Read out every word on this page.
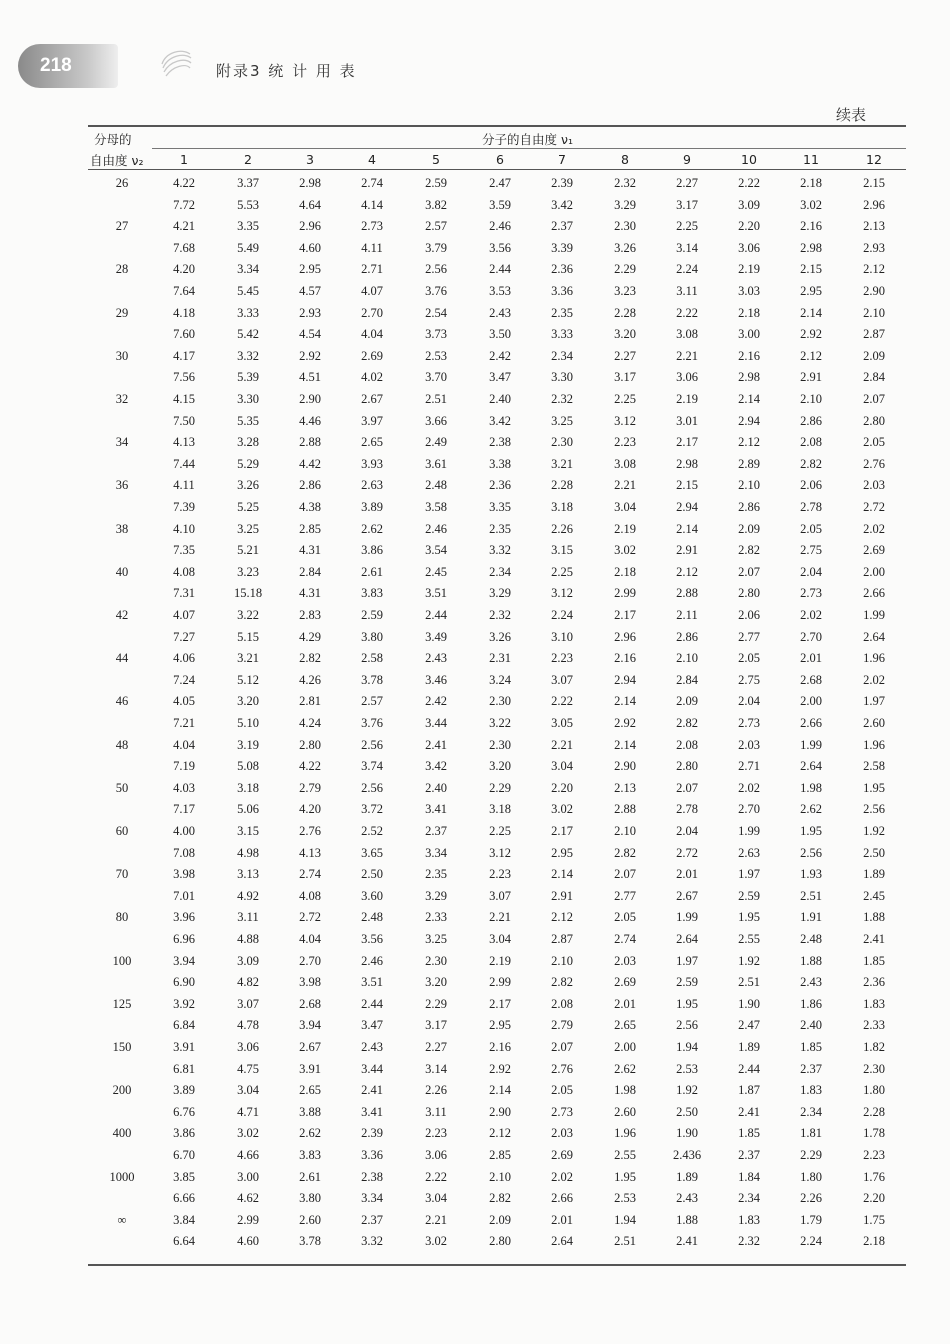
218	附录3 统 计 用 表
续表
分母的
自由度 ν₂
分子的自由度 ν₁
1	2	3	4	5	6	7	8	9	10	11	12
26	4.22	3.37	2.98	2.74	2.59	2.47	2.39	2.32	2.27	2.22	2.18	2.15
7.72	5.53	4.64	4.14	3.82	3.59	3.42	3.29	3.17	3.09	3.02	2.96
27	4.21	3.35	2.96	2.73	2.57	2.46	2.37	2.30	2.25	2.20	2.16	2.13
7.68	5.49	4.60	4.11	3.79	3.56	3.39	3.26	3.14	3.06	2.98	2.93
28	4.20	3.34	2.95	2.71	2.56	2.44	2.36	2.29	2.24	2.19	2.15	2.12
7.64	5.45	4.57	4.07	3.76	3.53	3.36	3.23	3.11	3.03	2.95	2.90
29	4.18	3.33	2.93	2.70	2.54	2.43	2.35	2.28	2.22	2.18	2.14	2.10
7.60	5.42	4.54	4.04	3.73	3.50	3.33	3.20	3.08	3.00	2.92	2.87
30	4.17	3.32	2.92	2.69	2.53	2.42	2.34	2.27	2.21	2.16	2.12	2.09
7.56	5.39	4.51	4.02	3.70	3.47	3.30	3.17	3.06	2.98	2.91	2.84
32	4.15	3.30	2.90	2.67	2.51	2.40	2.32	2.25	2.19	2.14	2.10	2.07
7.50	5.35	4.46	3.97	3.66	3.42	3.25	3.12	3.01	2.94	2.86	2.80
34	4.13	3.28	2.88	2.65	2.49	2.38	2.30	2.23	2.17	2.12	2.08	2.05
7.44	5.29	4.42	3.93	3.61	3.38	3.21	3.08	2.98	2.89	2.82	2.76
36	4.11	3.26	2.86	2.63	2.48	2.36	2.28	2.21	2.15	2.10	2.06	2.03
7.39	5.25	4.38	3.89	3.58	3.35	3.18	3.04	2.94	2.86	2.78	2.72
38	4.10	3.25	2.85	2.62	2.46	2.35	2.26	2.19	2.14	2.09	2.05	2.02
7.35	5.21	4.31	3.86	3.54	3.32	3.15	3.02	2.91	2.82	2.75	2.69
40	4.08	3.23	2.84	2.61	2.45	2.34	2.25	2.18	2.12	2.07	2.04	2.00
7.31	15.18	4.31	3.83	3.51	3.29	3.12	2.99	2.88	2.80	2.73	2.66
42	4.07	3.22	2.83	2.59	2.44	2.32	2.24	2.17	2.11	2.06	2.02	1.99
7.27	5.15	4.29	3.80	3.49	3.26	3.10	2.96	2.86	2.77	2.70	2.64
44	4.06	3.21	2.82	2.58	2.43	2.31	2.23	2.16	2.10	2.05	2.01	1.96
7.24	5.12	4.26	3.78	3.46	3.24	3.07	2.94	2.84	2.75	2.68	2.02
46	4.05	3.20	2.81	2.57	2.42	2.30	2.22	2.14	2.09	2.04	2.00	1.97
7.21	5.10	4.24	3.76	3.44	3.22	3.05	2.92	2.82	2.73	2.66	2.60
48	4.04	3.19	2.80	2.56	2.41	2.30	2.21	2.14	2.08	2.03	1.99	1.96
7.19	5.08	4.22	3.74	3.42	3.20	3.04	2.90	2.80	2.71	2.64	2.58
50	4.03	3.18	2.79	2.56	2.40	2.29	2.20	2.13	2.07	2.02	1.98	1.95
7.17	5.06	4.20	3.72	3.41	3.18	3.02	2.88	2.78	2.70	2.62	2.56
60	4.00	3.15	2.76	2.52	2.37	2.25	2.17	2.10	2.04	1.99	1.95	1.92
7.08	4.98	4.13	3.65	3.34	3.12	2.95	2.82	2.72	2.63	2.56	2.50
70	3.98	3.13	2.74	2.50	2.35	2.23	2.14	2.07	2.01	1.97	1.93	1.89
7.01	4.92	4.08	3.60	3.29	3.07	2.91	2.77	2.67	2.59	2.51	2.45
80	3.96	3.11	2.72	2.48	2.33	2.21	2.12	2.05	1.99	1.95	1.91	1.88
6.96	4.88	4.04	3.56	3.25	3.04	2.87	2.74	2.64	2.55	2.48	2.41
100	3.94	3.09	2.70	2.46	2.30	2.19	2.10	2.03	1.97	1.92	1.88	1.85
6.90	4.82	3.98	3.51	3.20	2.99	2.82	2.69	2.59	2.51	2.43	2.36
125	3.92	3.07	2.68	2.44	2.29	2.17	2.08	2.01	1.95	1.90	1.86	1.83
6.84	4.78	3.94	3.47	3.17	2.95	2.79	2.65	2.56	2.47	2.40	2.33
150	3.91	3.06	2.67	2.43	2.27	2.16	2.07	2.00	1.94	1.89	1.85	1.82
6.81	4.75	3.91	3.44	3.14	2.92	2.76	2.62	2.53	2.44	2.37	2.30
200	3.89	3.04	2.65	2.41	2.26	2.14	2.05	1.98	1.92	1.87	1.83	1.80
6.76	4.71	3.88	3.41	3.11	2.90	2.73	2.60	2.50	2.41	2.34	2.28
400	3.86	3.02	2.62	2.39	2.23	2.12	2.03	1.96	1.90	1.85	1.81	1.78
6.70	4.66	3.83	3.36	3.06	2.85	2.69	2.55	2.436	2.37	2.29	2.23
1000	3.85	3.00	2.61	2.38	2.22	2.10	2.02	1.95	1.89	1.84	1.80	1.76
6.66	4.62	3.80	3.34	3.04	2.82	2.66	2.53	2.43	2.34	2.26	2.20
∞	3.84	2.99	2.60	2.37	2.21	2.09	2.01	1.94	1.88	1.83	1.79	1.75
6.64	4.60	3.78	3.32	3.02	2.80	2.64	2.51	2.41	2.32	2.24	2.18
